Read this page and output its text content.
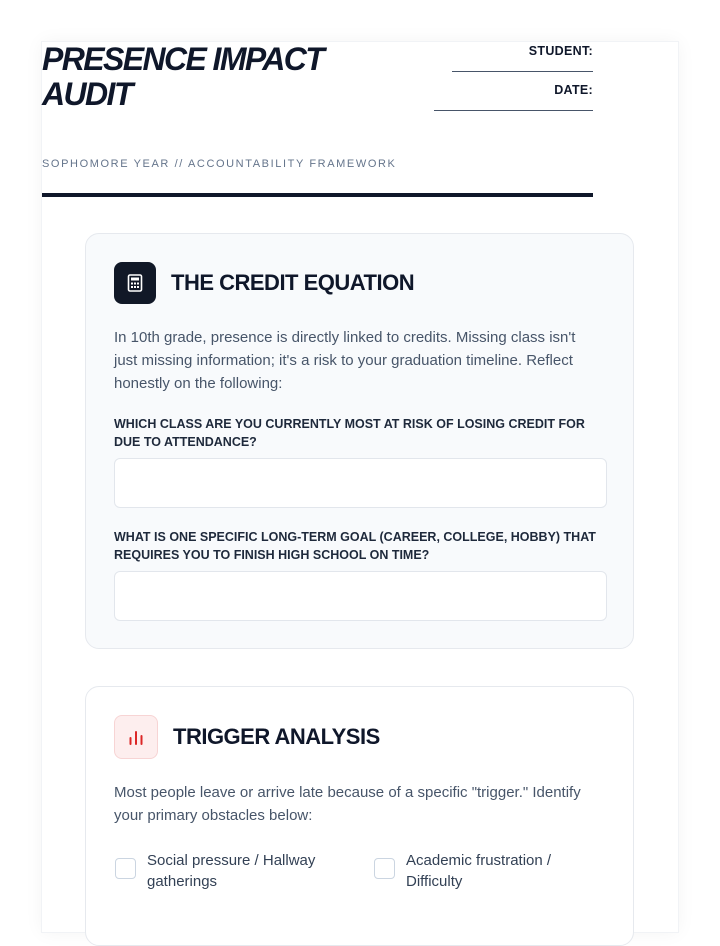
PRESENCE IMPACT AUDIT

SOPHOMORE YEAR // ACCOUNTABILITY FRAMEWORK

STUDENT:
DATE:
THE CREDIT EQUATION

In 10th grade, presence is directly linked to credits. Missing class isn't just missing information; it's a risk to your graduation timeline. Reflect honestly on the following:

WHICH CLASS ARE YOU CURRENTLY MOST AT RISK OF LOSING CREDIT FOR DUE TO ATTENDANCE?

WHAT IS ONE SPECIFIC LONG-TERM GOAL (CAREER, COLLEGE, HOBBY) THAT REQUIRES YOU TO FINISH HIGH SCHOOL ON TIME?

TRIGGER ANALYSIS

Most people leave or arrive late because of a specific "trigger." Identify your primary obstacles below:

Social pressure / Hallway gatherings
Academic frustration / Difficulty
